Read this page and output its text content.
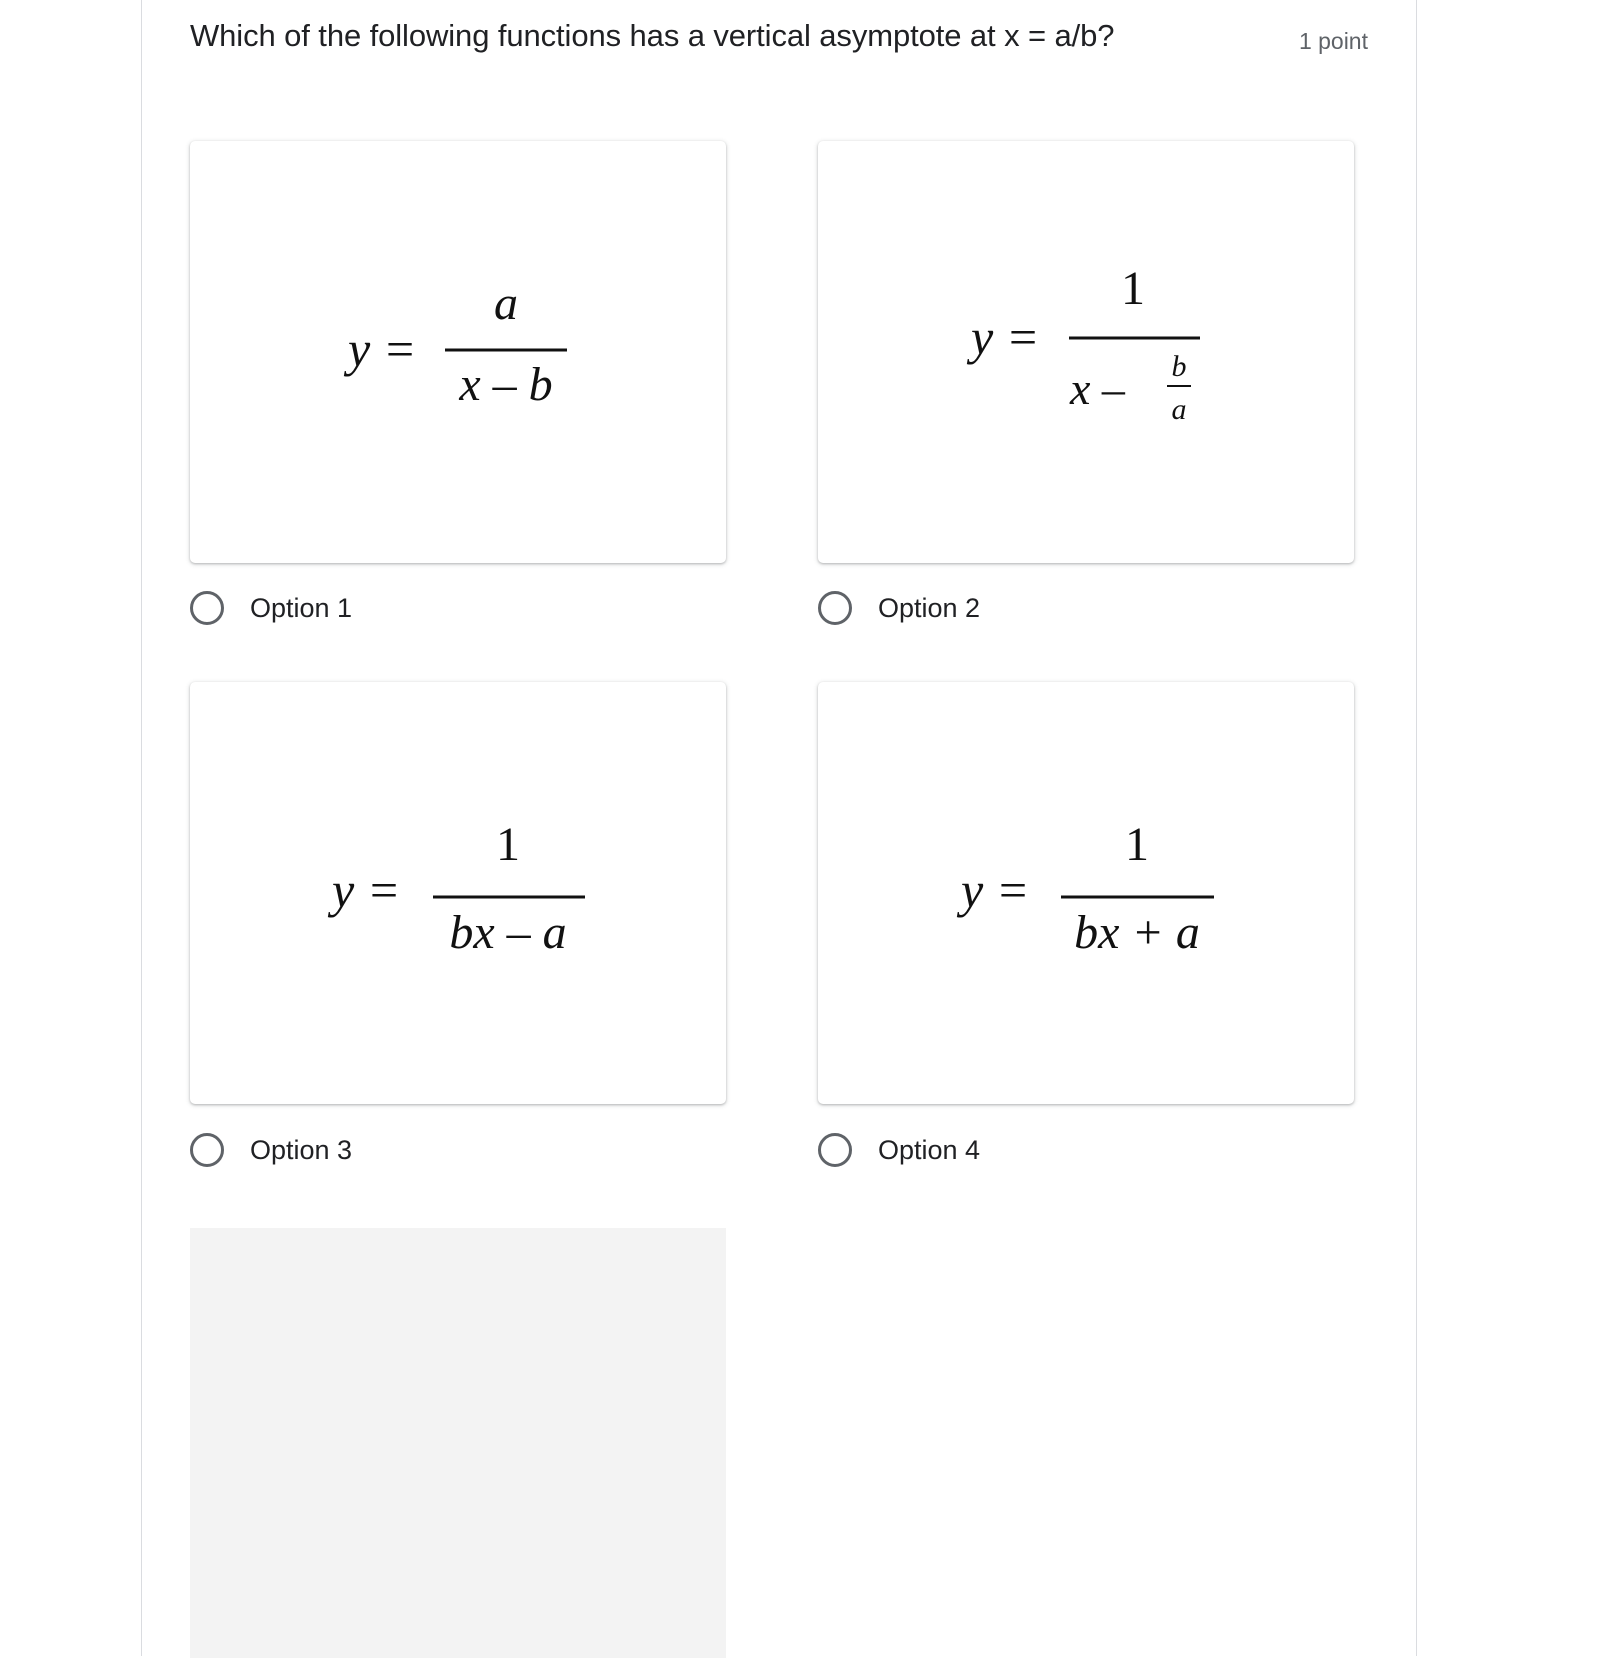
Which of the following functions has a vertical asymptote at x = a/b?	1 point
y =
a
x – b
Option 1
y =
1
x – b
a
Option 2
y =
1
bx – a
Option 3
y =
1
bx + a
Option 4
